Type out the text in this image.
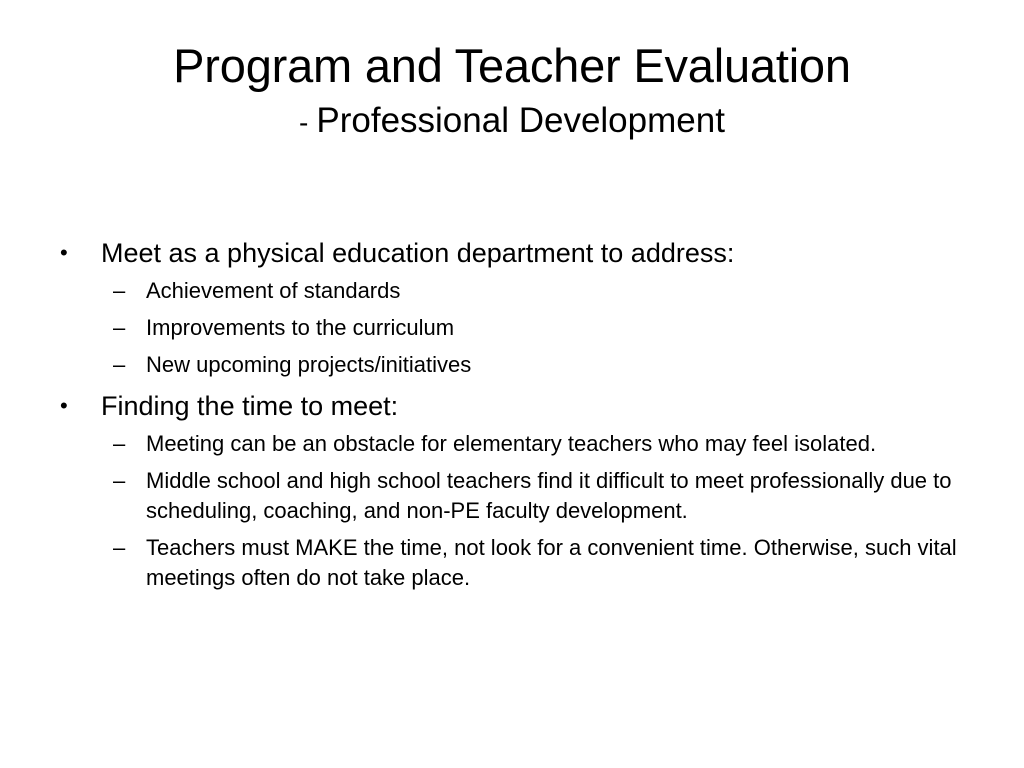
Program and Teacher Evaluation
- Professional Development
• Meet as a physical education department to address:
– Achievement of standards
– Improvements to the curriculum
– New upcoming projects/initiatives
• Finding the time to meet:
– Meeting can be an obstacle for elementary teachers who may feel isolated.
– Middle school and high school teachers find it difficult to meet professionally due to scheduling, coaching, and non-PE faculty development.
– Teachers must MAKE the time, not look for a convenient time. Otherwise, such vital meetings often do not take place.
